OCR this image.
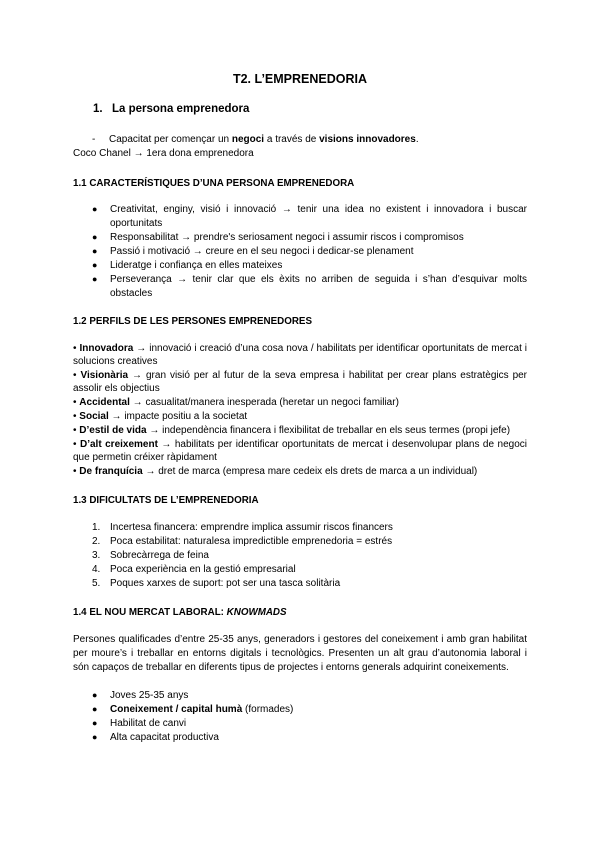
T2. L’EMPRENEDORIA
1. La persona emprenedora
- Capacitat per començar un negoci a través de visions innovadores.
Coco Chanel → 1era dona emprenedora
1.1 CARACTERÍSTIQUES D’UNA PERSONA EMPRENEDORA
● Creativitat, enginy, visió i innovació → tenir una idea no existent i innovadora i buscar
oportunitats
● Responsabilitat → prendre's seriosament negoci i assumir riscos i compromisos
● Passió i motivació → creure en el seu negoci i dedicar-se plenament
● Lideratge i confiança en elles mateixes
● Perseverança → tenir clar que els èxits no arriben de seguida i s’han d’esquivar molts
obstacles
1.2 PERFILS DE LES PERSONES EMPRENEDORES
• Innovadora → innovació i creació d’una cosa nova / habilitats per identificar oportunitats de mercat i
solucions creatives
• Visionària → gran visió per al futur de la seva empresa i habilitat per crear plans estratègics per
assolir els objectius
• Accidental → casualitat/manera inesperada (heretar un negoci familiar)
• Social → impacte positiu a la societat
• D’estil de vida → independència financera i flexibilitat de treballar en els seus termes (propi jefe)
• D’alt creixement → habilitats per identificar oportunitats de mercat i desenvolupar plans de negoci
que permetin créixer ràpidament
• De franquícia → dret de marca (empresa mare cedeix els drets de marca a un individual)
1.3 DIFICULTATS DE L’EMPRENEDORIA
1. Incertesa financera: emprendre implica assumir riscos financers
2. Poca estabilitat: naturalesa impredictible emprenedoria = estrés
3. Sobrecàrrega de feina
4. Poca experiència en la gestió empresarial
5. Poques xarxes de suport: pot ser una tasca solitària
1.4 EL NOU MERCAT LABORAL: KNOWMADS
Persones qualificades d’entre 25-35 anys, generadors i gestores del coneixement i amb gran habilitat
per moure’s i treballar en entorns digitals i tecnològics. Presenten un alt grau d’autonomia laboral i
són capaços de treballar en diferents tipus de projectes i entorns generals adquirint coneixements.
● Joves 25-35 anys
● Coneixement / capital humà (formades)
● Habilitat de canvi
● Alta capacitat productiva
